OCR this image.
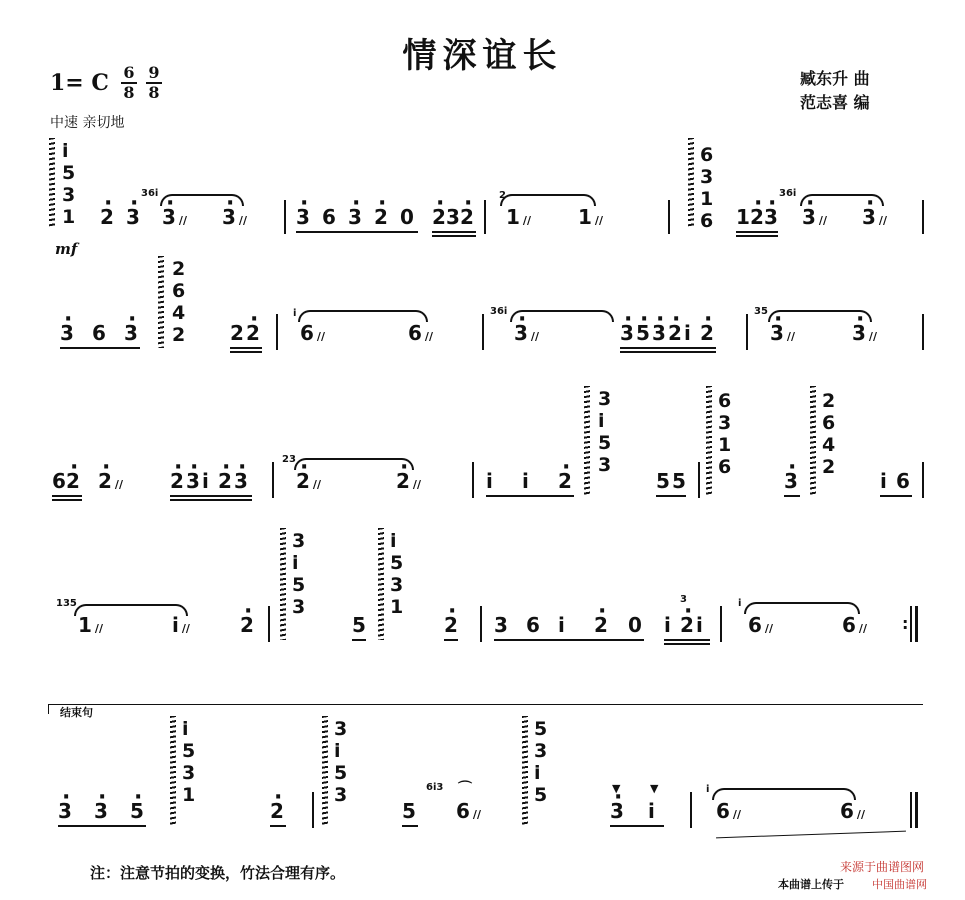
情深谊长
1= C 6
8
9
8
臧东升 曲
范志喜 编
中速 亲切地
i
5
3
1 · 2 · 3
36i
· 3 ∕∕	· 3 ∕∕	· 3 6 · 3 · 2 0 · 2 3 · 2
2
1 ∕∕	1 ∕∕
6
3
1
6 1 · 2 · 3
36i
· 3 ∕∕	· 3 ∕∕
mf
· 3 6 · 3
2
6
4
2 2 · 2
i
6 ∕∕	6 ∕∕
36i
· 3 ∕∕	· 3 · 5 · 3 · 2 i · 2
35
· 3 ∕∕	· 3 ∕∕
6 · 2 · 2 ∕∕	· 2 · 3 i · 2 · 3
23
· 2 ∕∕	· 2 ∕∕	i i · 2
3
i
5
3
5 5
6
3
1
6
· 3
2
6
4
2
i 6
135
1 ∕∕	i ∕∕	· 2
3
i
5
3
5
i
5
3
1
· 2 3 6 i · 2 0
3
i · 2 i
i
6 ∕∕	6 ∕∕	:
结束句
· 3 · 3 · 5
i
5
3
1
· 2
3
i
5
3
5
6i3 ⌒
6 ∕∕
5
3
i
5	▼	▼
· 3 i
i
6 ∕∕	6 ∕∕
注：注意节拍的变换，竹法合理有序。	来源于曲谱图网
本曲谱上传于	中国曲谱网
